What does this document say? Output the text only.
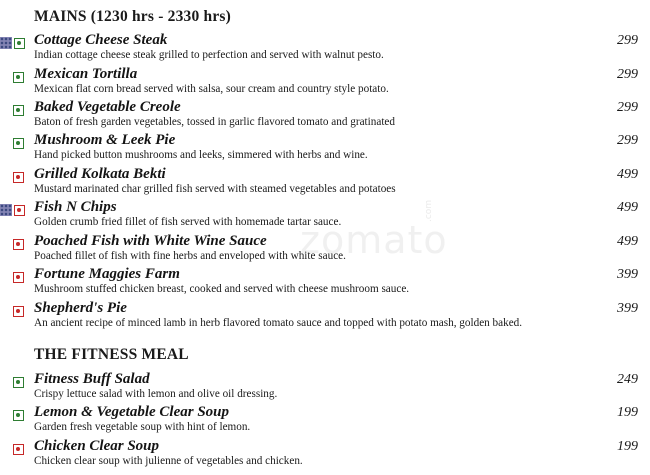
zomato
.com
MAINS (1230 hrs - 2330 hrs)
Cottage Cheese Steak
Indian cottage cheese steak grilled to perfection and served with walnut pesto.
299
Mexican Tortilla
Mexican flat corn bread served with salsa, sour cream and country style potato.
299
Baked Vegetable Creole
Baton of fresh garden vegetables, tossed in garlic flavored tomato and gratinated
299
Mushroom & Leek Pie
Hand picked button mushrooms and leeks, simmered with herbs and wine.
299
Grilled Kolkata Bekti
Mustard marinated char grilled fish served with steamed vegetables and potatoes
499
Fish N Chips
Golden crumb fried fillet of fish served with homemade tartar sauce.
499
Poached Fish with White Wine Sauce
Poached fillet of fish with fine herbs and enveloped with white sauce.
499
Fortune Maggies Farm
Mushroom stuffed chicken breast, cooked and served with cheese mushroom sauce.
399
Shepherd's Pie
An ancient recipe of minced lamb in herb flavored tomato sauce and topped with potato mash, golden baked.
399
THE FITNESS MEAL
Fitness Buff Salad
Crispy lettuce salad with lemon and olive oil dressing.
249
Lemon & Vegetable Clear Soup
Garden fresh vegetable soup with hint of lemon.
199
Chicken Clear Soup
Chicken clear soup with julienne of vegetables and chicken.
199
